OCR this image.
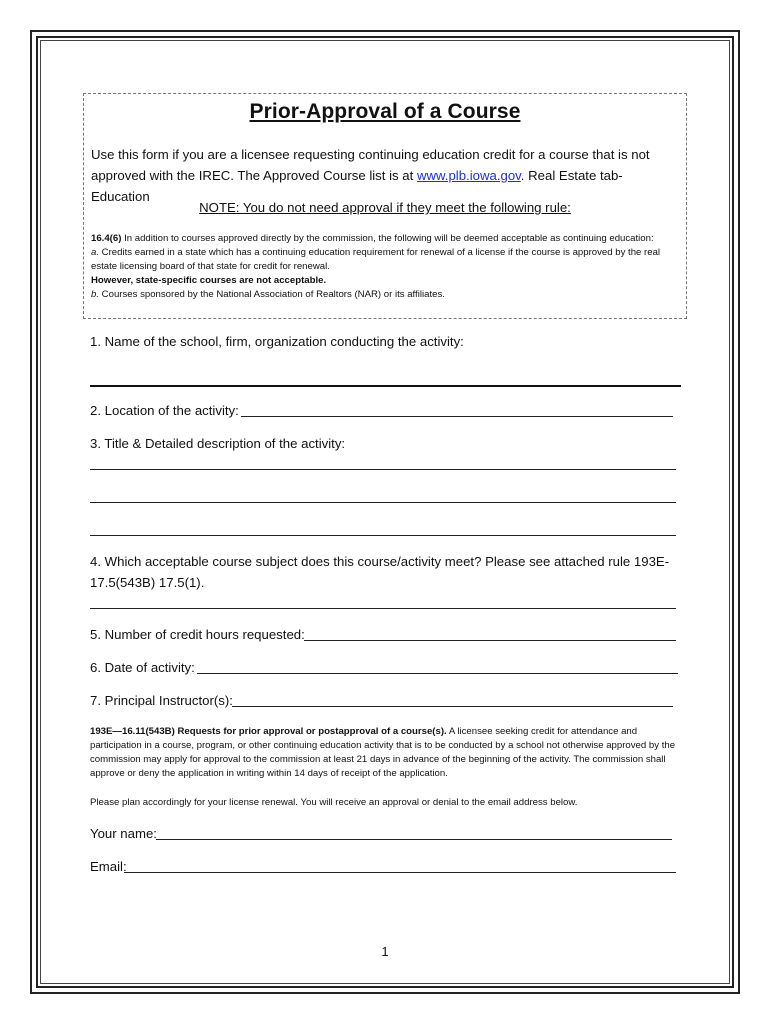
Prior-Approval of a Course
Use this form if you are a licensee requesting continuing education credit for a course that is not approved with the IREC. The Approved Course list is at www.plb.iowa.gov. Real Estate tab- Education
NOTE: You do not need approval if they meet the following rule:
16.4(6) In addition to courses approved directly by the commission, the following will be deemed acceptable as continuing education:
a. Credits earned in a state which has a continuing education requirement for renewal of a license if the course is approved by the real estate licensing board of that state for credit for renewal.
However, state-specific courses are not acceptable.
b. Courses sponsored by the National Association of Realtors (NAR) or its affiliates.
1. Name of the school, firm, organization conducting the activity:
2. Location of the activity:
3. Title & Detailed description of the activity:
4. Which acceptable course subject does this course/activity meet? Please see attached rule 193E-
17.5(543B) 17.5(1).
5. Number of credit hours requested:
6. Date of activity:
7. Principal Instructor(s):
193E—16.11(543B) Requests for prior approval or postapproval of a course(s). A licensee seeking credit for attendance and participation in a course, program, or other continuing education activity that is to be conducted by a school not otherwise approved by the commission may apply for approval to the commission at least 21 days in advance of the beginning of the activity. The commission shall approve or deny the application in writing within 14 days of receipt of the application.
Please plan accordingly for your license renewal. You will receive an approval or denial to the email address below.
Your name:
Email:
1
